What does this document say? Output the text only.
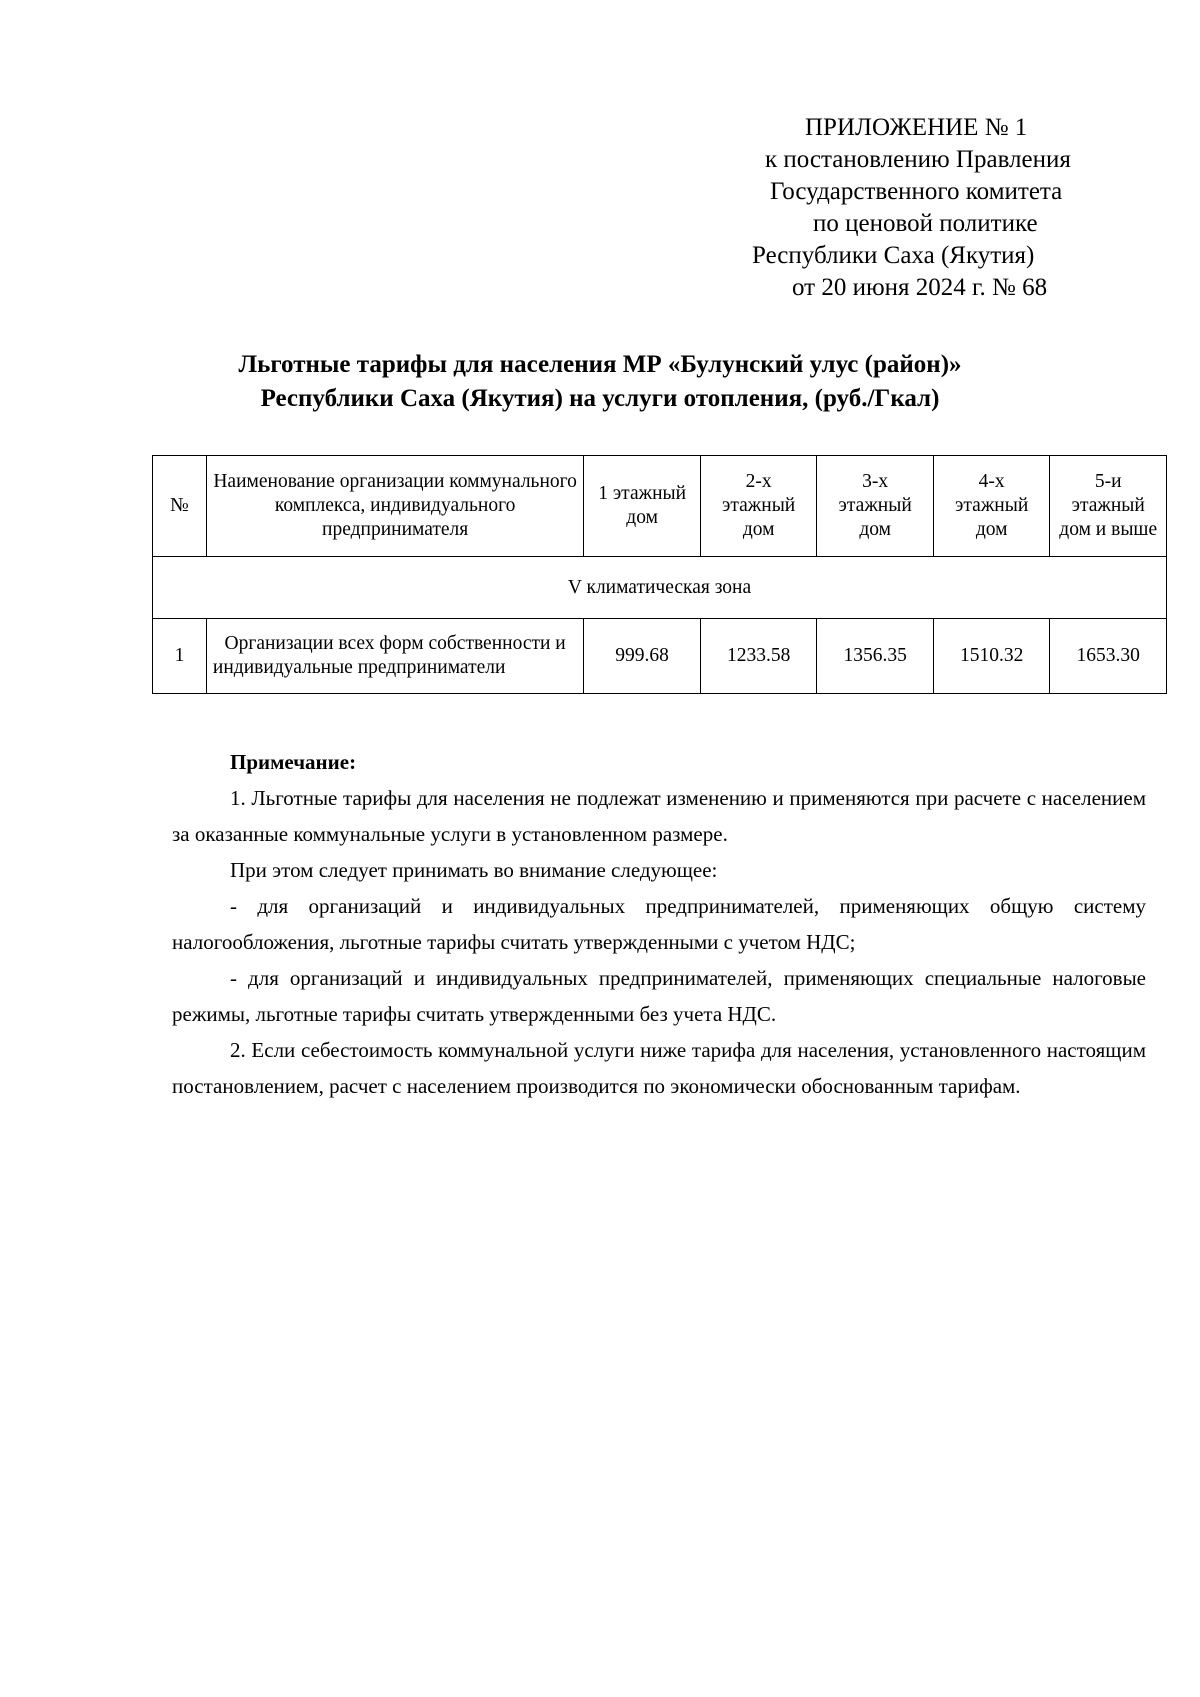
ПРИЛОЖЕНИЕ № 1
к постановлению Правления
Государственного комитета
по ценовой политике
Республики Саха (Якутия)
от 20 июня 2024 г. № 68
Льготные тарифы для населения МР «Булунский улус (район)»
Республики Саха (Якутия) на услуги отопления, (руб./Гкал)
№	Наименование организации коммунального комплекса, индивидуального предпринимателя	1 этажный дом	2-х этажный дом	3-х этажный дом	4-х этажный дом	5-и этажный дом и выше
V климатическая зона						
1	Организации всех форм собственности и индивидуальные предприниматели	999.68	1233.58	1356.35	1510.32	1653.30
Примечание:

1. Льготные тарифы для населения не подлежат изменению и применяются при расчете с населением за оказанные коммунальные услуги в установленном размере.

При этом следует принимать во внимание следующее:

- для организаций и индивидуальных предпринимателей, применяющих общую систему налогообложения, льготные тарифы считать утвержденными с учетом НДС;

- для организаций и индивидуальных предпринимателей, применяющих специальные налоговые режимы, льготные тарифы считать утвержденными без учета НДС.

2. Если себестоимость коммунальной услуги ниже тарифа для населения, установленного настоящим постановлением, расчет с населением производится по экономически обоснованным тарифам.
